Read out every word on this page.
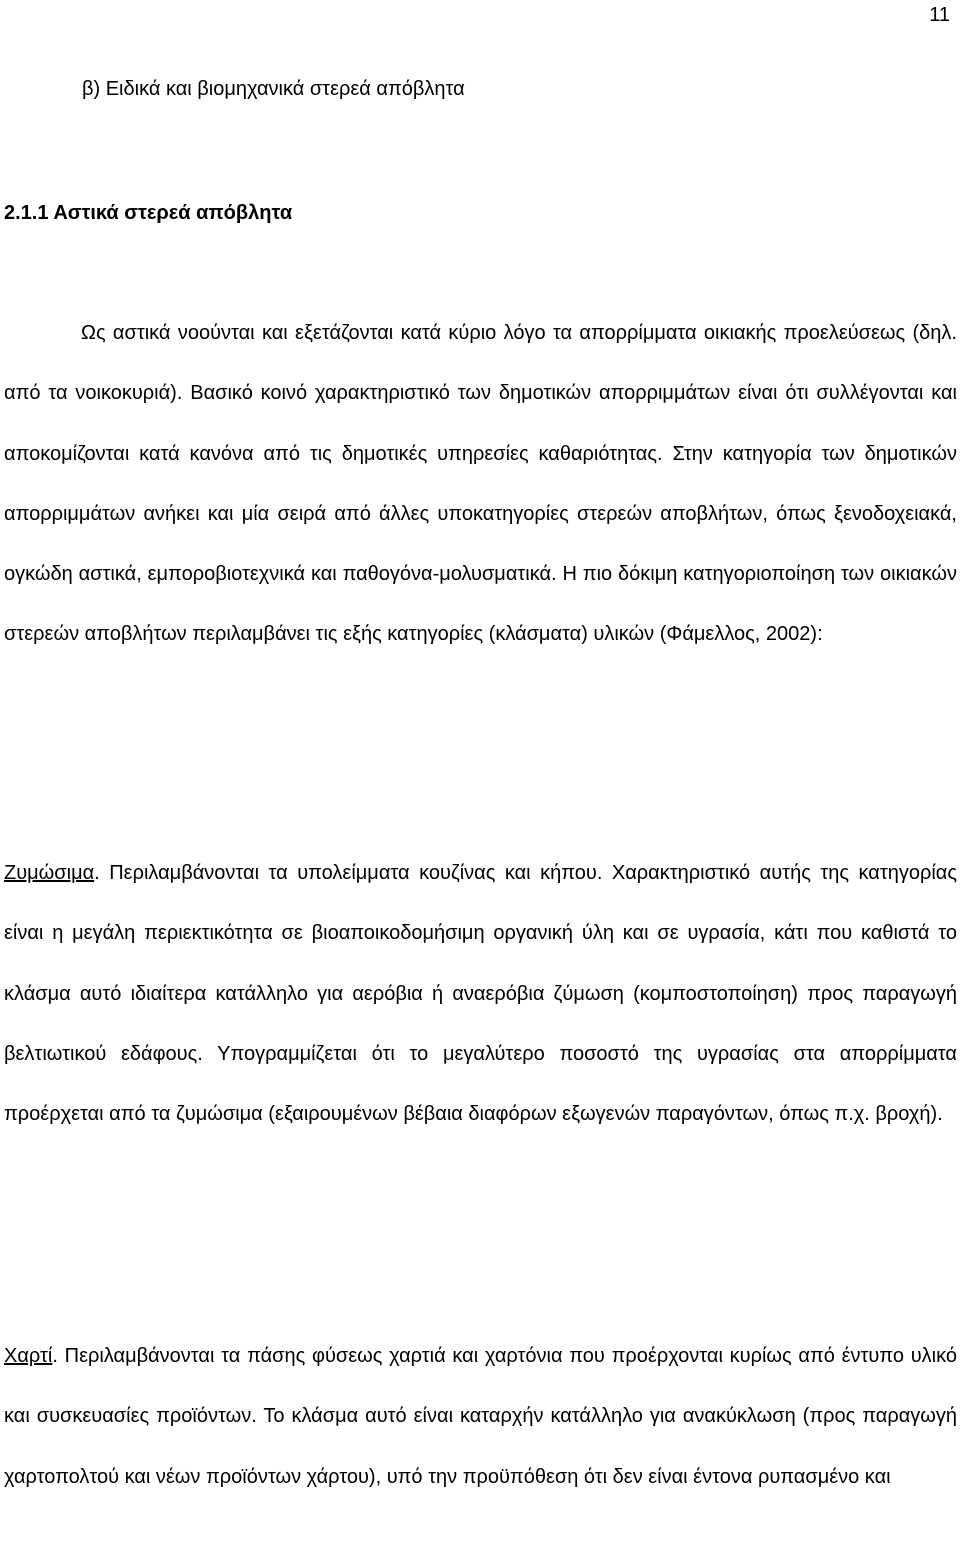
11
β) Ειδικά και βιομηχανικά στερεά απόβλητα
2.1.1 Αστικά στερεά απόβλητα

Ως αστικά νοούνται και εξετάζονται κατά κύριο λόγο τα απορρίμματα οικιακής προελεύσεως (δηλ. από τα νοικοκυριά). Βασικό κοινό χαρακτηριστικό των δημοτικών απορριμμάτων είναι ότι συλλέγονται και αποκομίζονται κατά κανόνα από τις δημοτικές υπηρεσίες καθαριότητας. Στην κατηγορία των δημοτικών απορριμμάτων ανήκει και μία σειρά από άλλες υποκατηγορίες στερεών αποβλήτων, όπως ξενοδοχειακά, ογκώδη αστικά, εμποροβιοτεχνικά και παθογόνα-μολυσματικά. Η πιο δόκιμη κατηγοριοποίηση των οικιακών στερεών αποβλήτων περιλαμβάνει τις εξής κατηγορίες (κλάσματα) υλικών (Φάμελλος, 2002):

Ζυμώσιμα. Περιλαμβάνονται τα υπολείμματα κουζίνας και κήπου. Χαρακτηριστικό αυτής της κατηγορίας είναι η μεγάλη περιεκτικότητα σε βιοαποικοδομήσιμη οργανική ύλη και σε υγρασία, κάτι που καθιστά το κλάσμα αυτό ιδιαίτερα κατάλληλο για αερόβια ή αναερόβια ζύμωση (κομποστοποίηση) προς παραγωγή βελτιωτικού εδάφους. Υπογραμμίζεται ότι το μεγαλύτερο ποσοστό της υγρασίας στα απορρίμματα προέρχεται από τα ζυμώσιμα (εξαιρουμένων βέβαια διαφόρων εξωγενών παραγόντων, όπως π.χ. βροχή).

Χαρτί. Περιλαμβάνονται τα πάσης φύσεως χαρτιά και χαρτόνια που προέρχονται κυρίως από έντυπο υλικό και συσκευασίες προϊόντων. Το κλάσμα αυτό είναι καταρχήν κατάλληλο για ανακύκλωση (προς παραγωγή χαρτοπολτού και νέων προϊόντων χάρτου), υπό την προϋπόθεση ότι δεν είναι έντονα ρυπασμένο και
